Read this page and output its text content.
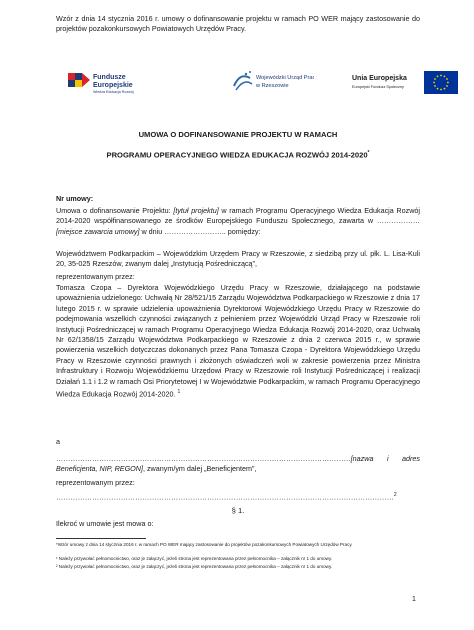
Wzór z dnia 14 stycznia 2016 r. umowy o dofinansowanie projektu w ramach PO WER mający zastosowanie do projektów pozakonkursowych Powiatowych Urzędów Pracy.
Fundusze
Europejskie
Wiedza Edukacja Rozwój
Wojewódzki Urząd Pracy
w Rzeszowie
Unia Europejska
Europejski Fundusz Społeczny
UMOWA O DOFINANSOWANIE PROJEKTU W RAMACH
PROGRAMU OPERACYJNEGO WIEDZA EDUKACJA ROZWÓJ 2014-2020*
Nr umowy:
Umowa o dofinansowanie Projektu: [tytuł projektu] w ramach Programu Operacyjnego Wiedza Edukacja Rozwój 2014-2020 współfinansowanego ze środków Europejskiego Funduszu Społecznego, zawarta w ……………… [miejsce zawarcia umowy] w dniu …………………….. pomiędzy:
Województwem Podkarpackim – Wojewódzkim Urzędem Pracy w Rzeszowie, z siedzibą przy ul. płk. L. Lisa-Kuli 20, 35-025 Rzeszów, zwanym dalej „Instytucją Pośredniczącą”,
reprezentowanym przez:
Tomasza Czopa – Dyrektora Wojewódzkiego Urzędu Pracy w Rzeszowie, działającego na podstawie upoważnienia udzielonego: Uchwałą Nr 28/521/15 Zarządu Województwa Podkarpackiego w Rzeszowie z dnia 17 lutego 2015 r. w sprawie udzielenia upoważnienia Dyrektorowi Wojewódzkiego Urzędu Pracy w Rzeszowie do podejmowania wszelkich czynności związanych z pełnieniem przez Wojewódzki Urząd Pracy w Rzeszowie roli Instytucji Pośredniczącej w ramach Programu Operacyjnego Wiedza Edukacja Rozwój 2014-2020, oraz Uchwałą Nr 62/1358/15 Zarządu Województwa Podkarpackiego w Rzeszowie z dnia 2 czerwca 2015 r., w sprawie powierzenia wszelkich dotyczczas dokonanych przez Pana Tomasza Czopa - Dyrektora Wojewódzkiego Urzędu Pracy w Rzeszowie czynności prawnych i złożonych oświadczeń woli w zakresie powierzenia przez Ministra Infrastruktury i Rozwoju Wojewódzkiemu Urzędowi Pracy w Rzeszowie roli Instytucji Pośredniczącej i realizacji Działań 1.1 i 1.2 w ramach Osi Priorytetowej I w Województwie Podkarpackim, w ramach Programu Operacyjnego Wiedza Edukacja Rozwój 2014-2020. $^1$
a
……………………………………………………………………………………………………………[nazwa i adres Beneficjenta, NIP, REGON], zwanym/ym dalej „Beneficjentem”,
reprezentowanym przez:
……………………………………………………………………………………………………………………………$^2$
§ 1.
Ilekroć w umowie jest mowa o:
*Wzór umowy z dnia 14 stycznia 2016 r. w ramach PO WER mający zastosowanie do projektów pozakonkursowych Powiatowych Urzędów Pracy.
¹ Należy przywołać pełnomocnictwo, oraz je załączyć, jeżeli strona jest reprezentowana przez pełnomocnika – załącznik nr 1 do umowy.
² Należy przywołać pełnomocnictwo, oraz je załączyć, jeżeli strona jest reprezentowana przez pełnomocnika – załącznik nr 1 do umowy.
1
